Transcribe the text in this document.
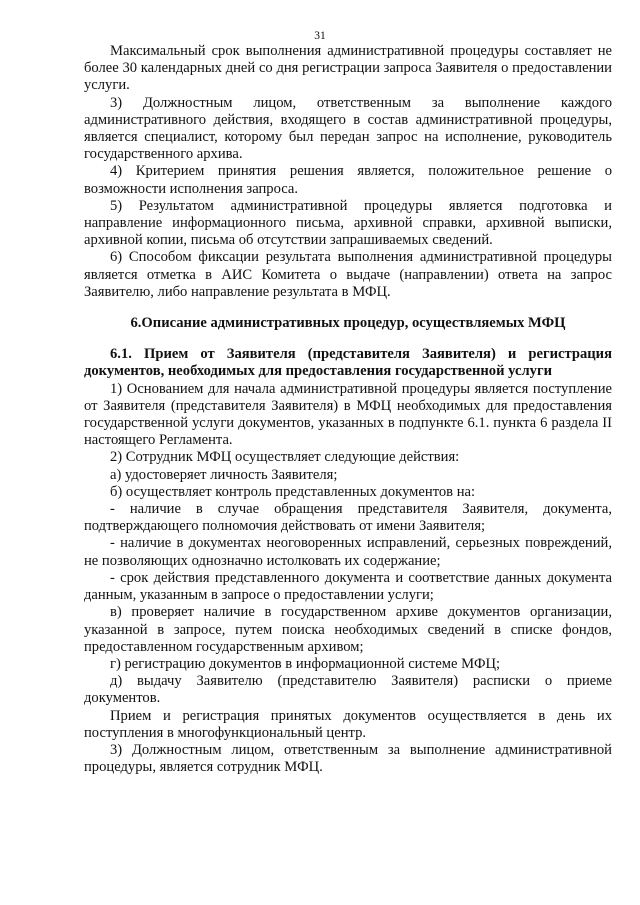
31

Максимальный срок выполнения административной процедуры составляет не более 30 календарных дней со дня регистрации запроса Заявителя о предоставлении услуги.

3) Должностным лицом, ответственным за выполнение каждого административного действия, входящего в состав административной процедуры, является специалист, которому был передан запрос на исполнение, руководитель государственного архива.

4) Критерием принятия решения является, положительное решение о возможности исполнения запроса.

5) Результатом административной процедуры является подготовка и направление информационного письма, архивной справки, архивной выписки, архивной копии, письма об отсутствии запрашиваемых сведений.

6) Способом фиксации результата выполнения административной процедуры является отметка в АИС Комитета о выдаче (направлении) ответа на запрос Заявителю, либо направление результата в МФЦ.

6.Описание административных процедур, осуществляемых МФЦ

6.1. Прием от Заявителя (представителя Заявителя) и регистрация документов, необходимых для предоставления государственной услуги

1) Основанием для начала административной процедуры является поступление от Заявителя (представителя Заявителя) в МФЦ необходимых для предоставления государственной услуги документов, указанных в подпункте 6.1. пункта 6 раздела II настоящего Регламента.

2) Сотрудник МФЦ осуществляет следующие действия:

а) удостоверяет личность Заявителя;

б) осуществляет контроль представленных документов на:

- наличие в случае обращения представителя Заявителя, документа, подтверждающего полномочия действовать от имени Заявителя;

- наличие в документах неоговоренных исправлений, серьезных повреждений, не позволяющих однозначно истолковать их содержание;

- срок действия представленного документа и соответствие данных документа данным, указанным в запросе о предоставлении услуги;

в) проверяет наличие в государственном архиве документов организации, указанной в запросе, путем поиска необходимых сведений в списке фондов, предоставленном государственным архивом;

г) регистрацию документов в информационной системе МФЦ;

д) выдачу Заявителю (представителю Заявителя) расписки о приеме документов.

Прием и регистрация принятых документов осуществляется в день их поступления в многофункциональный центр.

3) Должностным лицом, ответственным за выполнение административной процедуры, является сотрудник МФЦ.
